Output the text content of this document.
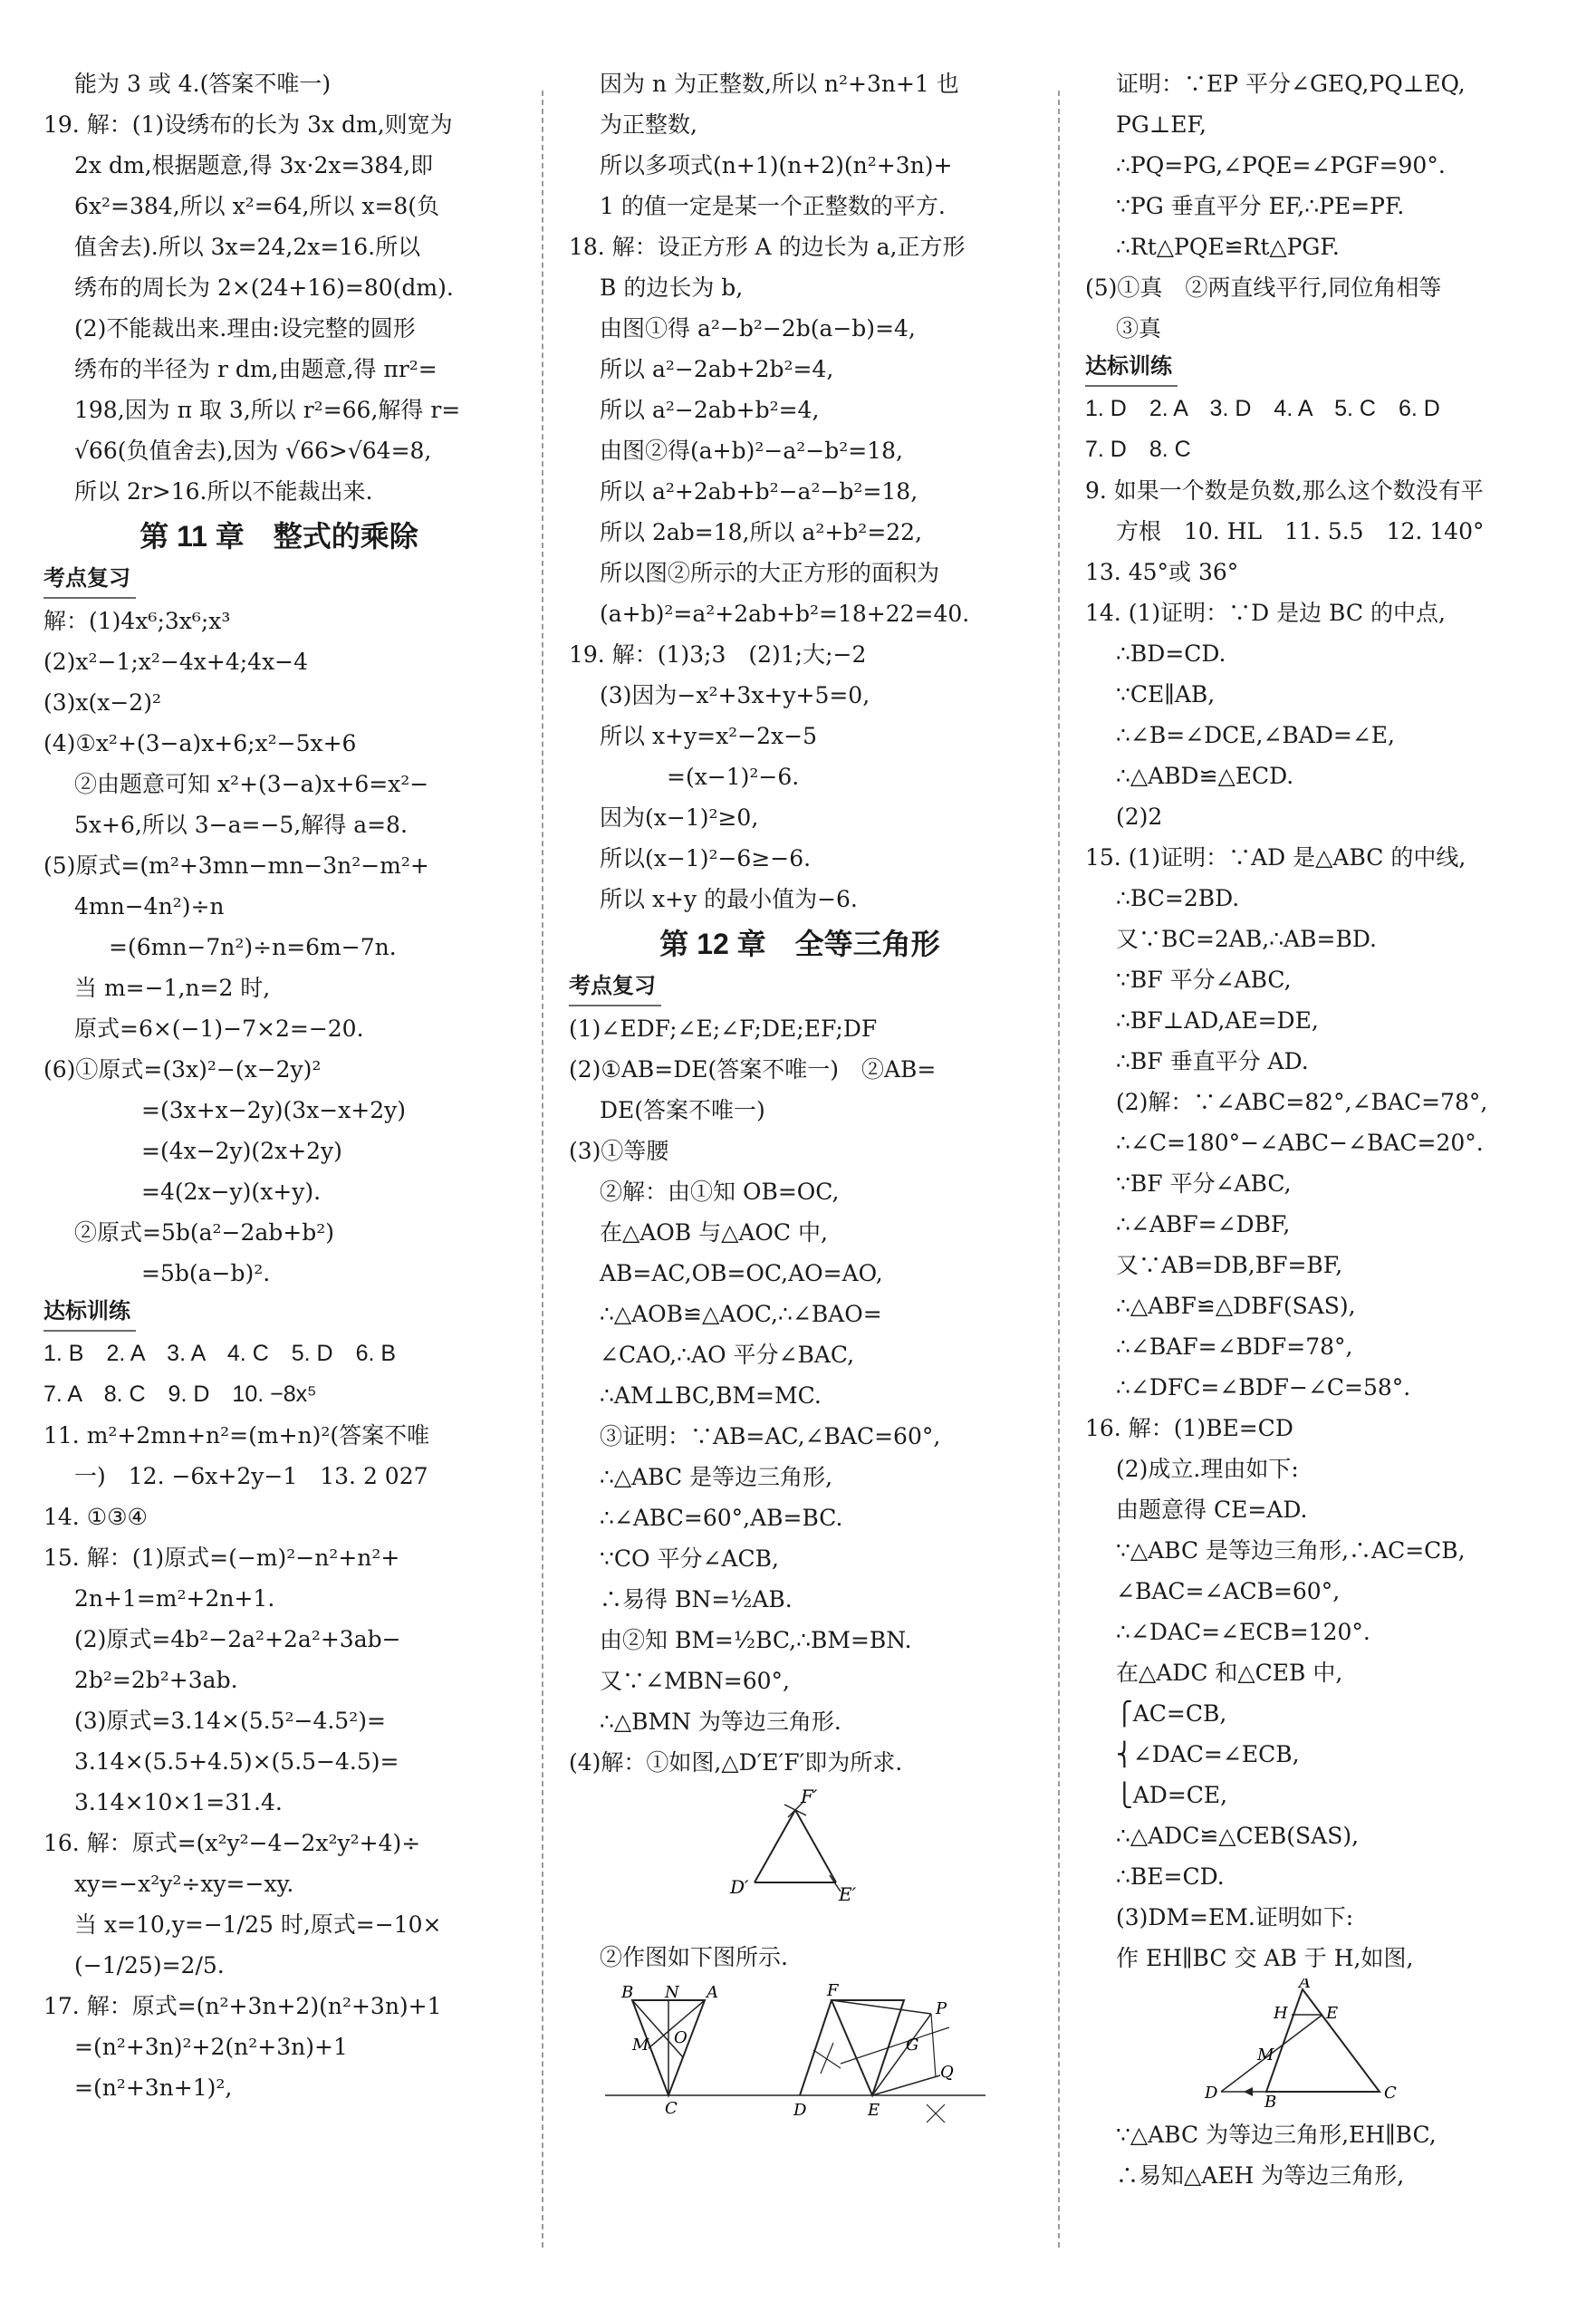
能为 3 或 4.(答案不唯一)
19. 解：(1)设绣布的长为 3x dm,则宽为
2x dm,根据题意,得 3x·2x=384,即
6x²=384,所以 x²=64,所以 x=8(负
值舍去).所以 3x=24,2x=16.所以
绣布的周长为 2×(24+16)=80(dm).
(2)不能裁出来.理由:设完整的圆形
绣布的半径为 r dm,由题意,得 πr²=
198,因为 π 取 3,所以 r²=66,解得 r=
√66(负值舍去),因为 √66>√64=8,
所以 2r>16.所以不能裁出来.
第 11 章　整式的乘除
考点复习

解：(1)4x⁶;3x⁶;x³
(2)x²−1;x²−4x+4;4x−4
(3)x(x−2)²
(4)①x²+(3−a)x+6;x²−5x+6
②由题意可知 x²+(3−a)x+6=x²−
5x+6,所以 3−a=−5,解得 a=8.
(5)原式=(m²+3mn−mn−3n²−m²+
4mn−4n²)÷n
=(6mn−7n²)÷n=6m−7n.
当 m=−1,n=2 时,
原式=6×(−1)−7×2=−20.
(6)①原式=(3x)²−(x−2y)²
=(3x+x−2y)(3x−x+2y)
=(4x−2y)(2x+2y)
=4(2x−y)(x+y).
②原式=5b(a²−2ab+b²)
=5b(a−b)².
达标训练

1. B　2. A　3. A　4. C　5. D　6. B
7. A　8. C　9. D　10. −8x⁵
11. m²+2mn+n²=(m+n)²(答案不唯
一)　12. −6x+2y−1　13. 2 027
14. ①③④
15. 解：(1)原式=(−m)²−n²+n²+
2n+1=m²+2n+1.
(2)原式=4b²−2a²+2a²+3ab−
2b²=2b²+3ab.
(3)原式=3.14×(5.5²−4.5²)=
3.14×(5.5+4.5)×(5.5−4.5)=
3.14×10×1=31.4.
16. 解：原式=(x²y²−4−2x²y²+4)÷
xy=−x²y²÷xy=−xy.
当 x=10,y=−1/25 时,原式=−10×
(−1/25)=2/5.
17. 解：原式=(n²+3n+2)(n²+3n)+1
=(n²+3n)²+2(n²+3n)+1
=(n²+3n+1)²,
因为 n 为正整数,所以 n²+3n+1 也
为正整数,
所以多项式(n+1)(n+2)(n²+3n)+
1 的值一定是某一个正整数的平方.
18. 解：设正方形 A 的边长为 a,正方形
B 的边长为 b,
由图①得 a²−b²−2b(a−b)=4,
所以 a²−2ab+2b²=4,
所以 a²−2ab+b²=4,
由图②得(a+b)²−a²−b²=18,
所以 a²+2ab+b²−a²−b²=18,
所以 2ab=18,所以 a²+b²=22,
所以图②所示的大正方形的面积为
(a+b)²=a²+2ab+b²=18+22=40.
19. 解：(1)3;3　(2)1;大;−2
(3)因为−x²+3x+y+5=0,
所以 x+y=x²−2x−5
=(x−1)²−6.
因为(x−1)²≥0,
所以(x−1)²−6≥−6.
所以 x+y 的最小值为−6.
第 12 章　全等三角形
考点复习

(1)∠EDF;∠E;∠F;DE;EF;DF
(2)①AB=DE(答案不唯一)　②AB=
DE(答案不唯一)
(3)①等腰
②解：由①知 OB=OC,
在△AOB 与△AOC 中,
AB=AC,OB=OC,AO=AO,
∴△AOB≌△AOC,∴∠BAO=
∠CAO,∴AO 平分∠BAC,
∴AM⊥BC,BM=MC.
③证明：∵AB=AC,∠BAC=60°,
∴△ABC 是等边三角形,
∴∠ABC=60°,AB=BC.
∵CO 平分∠ACB,
∴易得 BN=½AB.
由②知 BM=½BC,∴BM=BN.
又∵∠MBN=60°,
∴△BMN 为等边三角形.
(4)解：①如图,△D′E′F′即为所求.
F′
D′	E′
②作图如下图所示.
B N A
M O
C
F
P
G
Q
D	E
证明：∵EP 平分∠GEQ,PQ⊥EQ,
PG⊥EF,
∴PQ=PG,∠PQE=∠PGF=90°.
∵PG 垂直平分 EF,∴PE=PF.
∴Rt△PQE≌Rt△PGF.
(5)①真　②两直线平行,同位角相等
③真
达标训练

1. D　2. A　3. D　4. A　5. C　6. D
7. D　8. C
9. 如果一个数是负数,那么这个数没有平
方根　10. HL　11. 5.5　12. 140°
13. 45°或 36°
14. (1)证明：∵D 是边 BC 的中点,
∴BD=CD.
∵CE∥AB,
∴∠B=∠DCE,∠BAD=∠E,
∴△ABD≌△ECD.
(2)2
15. (1)证明：∵AD 是△ABC 的中线,
∴BC=2BD.
又∵BC=2AB,∴AB=BD.
∵BF 平分∠ABC,
∴BF⊥AD,AE=DE,
∴BF 垂直平分 AD.
(2)解：∵∠ABC=82°,∠BAC=78°,
∴∠C=180°−∠ABC−∠BAC=20°.
∵BF 平分∠ABC,
∴∠ABF=∠DBF,
又∵AB=DB,BF=BF,
∴△ABF≌△DBF(SAS),
∴∠BAF=∠BDF=78°,
∴∠DFC=∠BDF−∠C=58°.
16. 解：(1)BE=CD
(2)成立.理由如下:
由题意得 CE=AD.
∵△ABC 是等边三角形,∴AC=CB,
∠BAC=∠ACB=60°,
∴∠DAC=∠ECB=120°.
在△ADC 和△CEB 中,
⎧AC=CB,
⎨∠DAC=∠ECB,
⎩AD=CE,
∴△ADC≌△CEB(SAS),
∴BE=CD.
(3)DM=EM.证明如下:
作 EH∥BC 交 AB 于 H,如图,
A
H E
M
D	B	C
∵△ABC 为等边三角形,EH∥BC,
∴易知△AEH 为等边三角形,
